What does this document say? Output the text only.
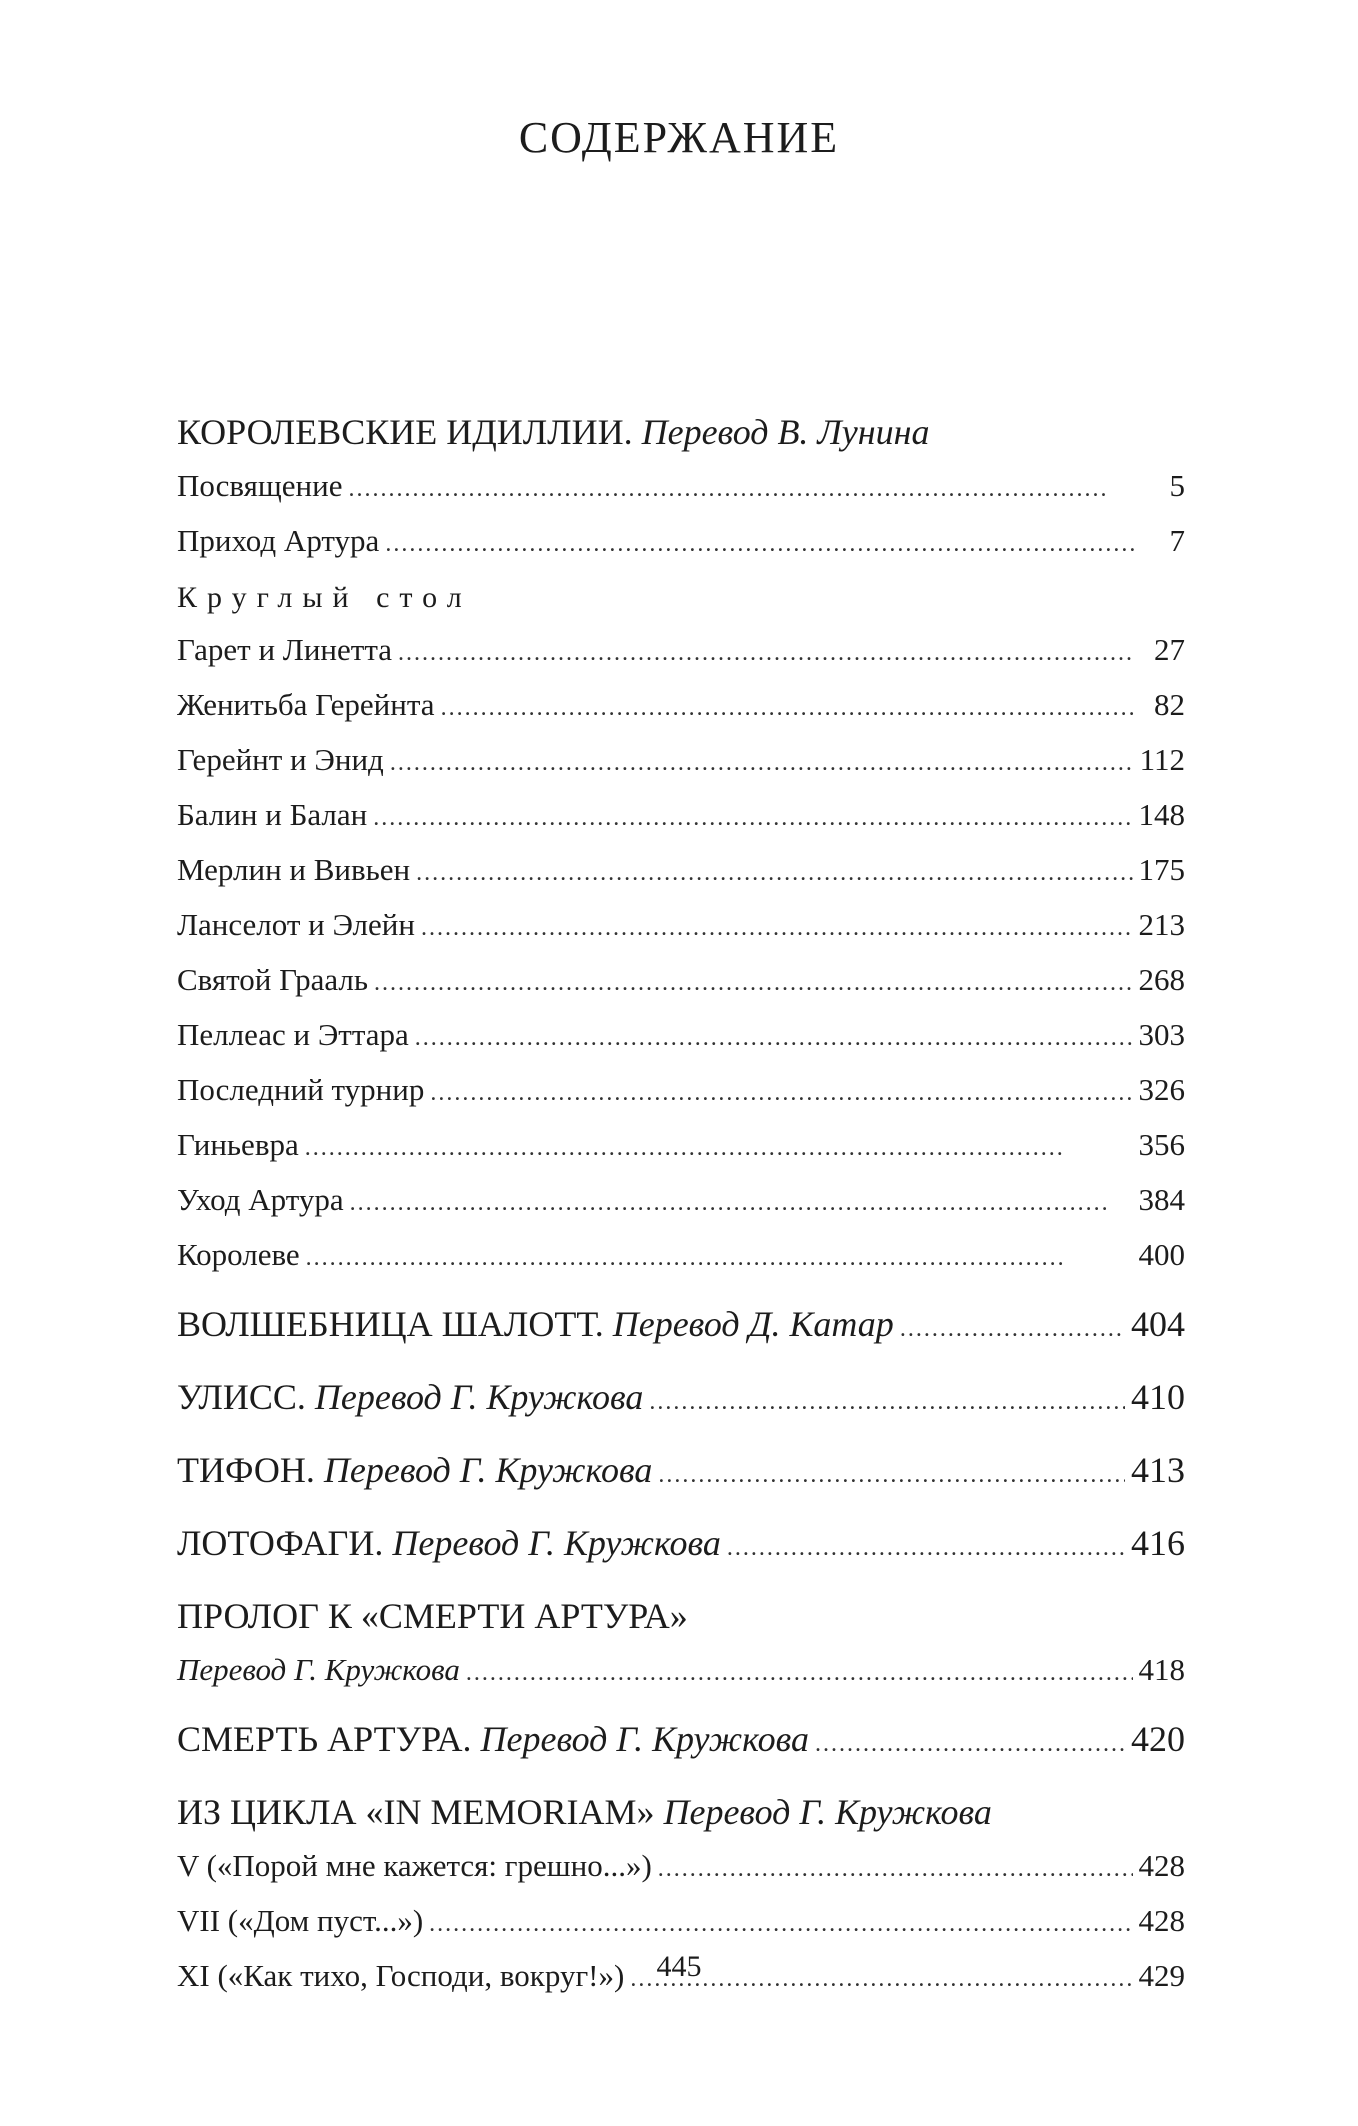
СОДЕРЖАНИЕ
КОРОЛЕВСКИЕ ИДИЛЛИИ. Перевод В. Лунина
Посвящение . . .	5
Приход Артура . . .	7
Круглый стол
Гарет и Линетта . . .	27
Женитьба Герейнта . . .	82
Герейнт и Энид . . .	112
Балин и Балан . . .	148
Мерлин и Вивьен . . .	175
Ланселот и Элейн . . .	213
Святой Грааль . . .	268
Пеллеас и Эттара . . .	303
Последний турнир . . .	326
Гиньевра . . .	356
Уход Артура . . .	384
Королеве . . .	400
ВОЛШЕБНИЦА ШАЛОТТ. Перевод Д. Катар . . .	404
УЛИСС. Перевод Г. Кружкова . . .	410
ТИФОН. Перевод Г. Кружкова . . .	413
ЛОТОФАГИ. Перевод Г. Кружкова . . .	416
ПРОЛОГ К «СМЕРТИ АРТУРА»
Перевод Г. Кружкова . . .	418
СМЕРТЬ АРТУРА. Перевод Г. Кружкова . . .	420
ИЗ ЦИКЛА «IN MEMORIAM» Перевод Г. Кружкова
V («Порой мне кажется: грешно...») . . .	428
VII («Дом пуст...») . . .	428
XI («Как тихо, Господи, вокруг!») . . .	429
445
